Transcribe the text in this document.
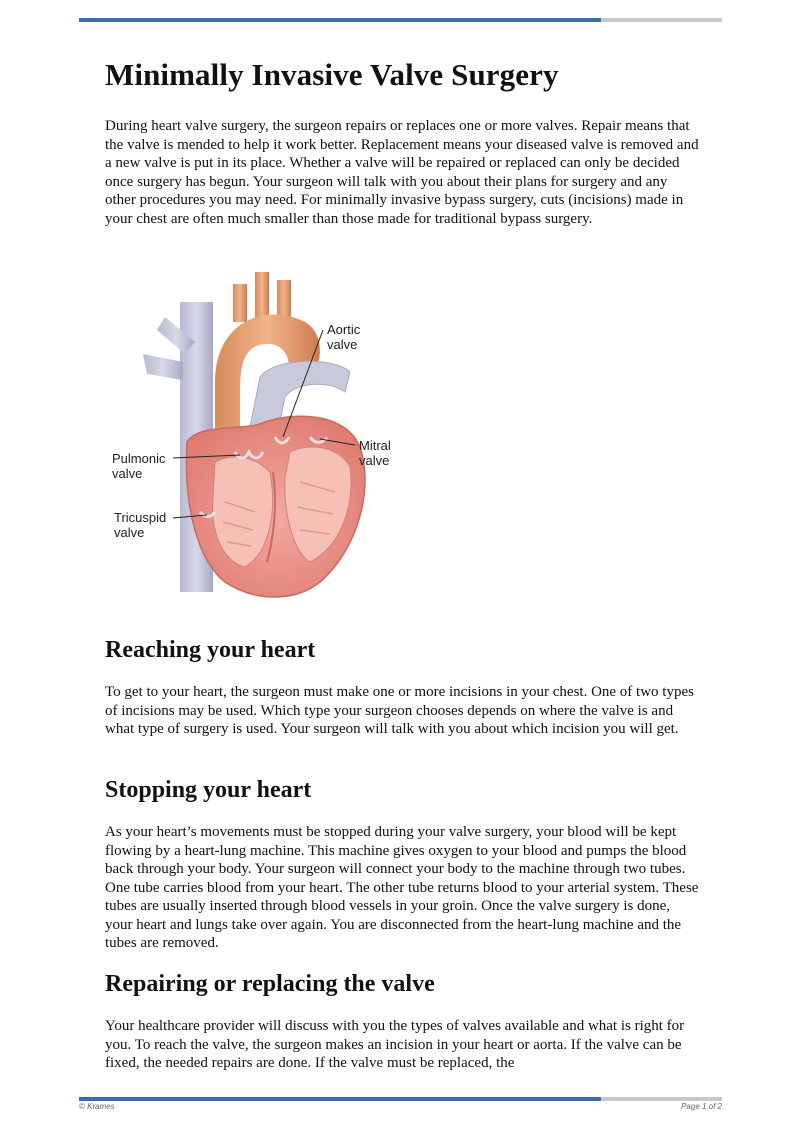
Minimally Invasive Valve Surgery

During heart valve surgery, the surgeon repairs or replaces one or more valves. Repair means that the valve is mended to help it work better. Replacement means your diseased valve is removed and a new valve is put in its place. Whether a valve will be repaired or replaced can only be decided once surgery has begun. Your surgeon will talk with you about their plans for surgery and any other procedures you may need. For minimally invasive bypass surgery, cuts (incisions) made in your chest are often much smaller than those made for traditional bypass surgery.

Aortic
valve
Mitral
valve
Pulmonic
valve
Tricuspid
valve
Reaching your heart

To get to your heart, the surgeon must make one or more incisions in your chest. One of two types of incisions may be used. Which type your surgeon chooses depends on where the valve is and what type of surgery is used. Your surgeon will talk with you about which incision you will get.

Stopping your heart

As your heart’s movements must be stopped during your valve surgery, your blood will be kept flowing by a heart-lung machine. This machine gives oxygen to your blood and pumps the blood back through your body. Your surgeon will connect your body to the machine through two tubes. One tube carries blood from your heart. The other tube returns blood to your arterial system. These tubes are usually inserted through blood vessels in your groin. Once the valve surgery is done, your heart and lungs take over again. You are disconnected from the heart-lung machine and the tubes are removed.

Repairing or replacing the valve

Your healthcare provider will discuss with you the types of valves available and what is right for you. To reach the valve, the surgeon makes an incision in your heart or aorta. If the valve can be fixed, the needed repairs are done. If the valve must be replaced, the

© Krames	Page 1 of 2
